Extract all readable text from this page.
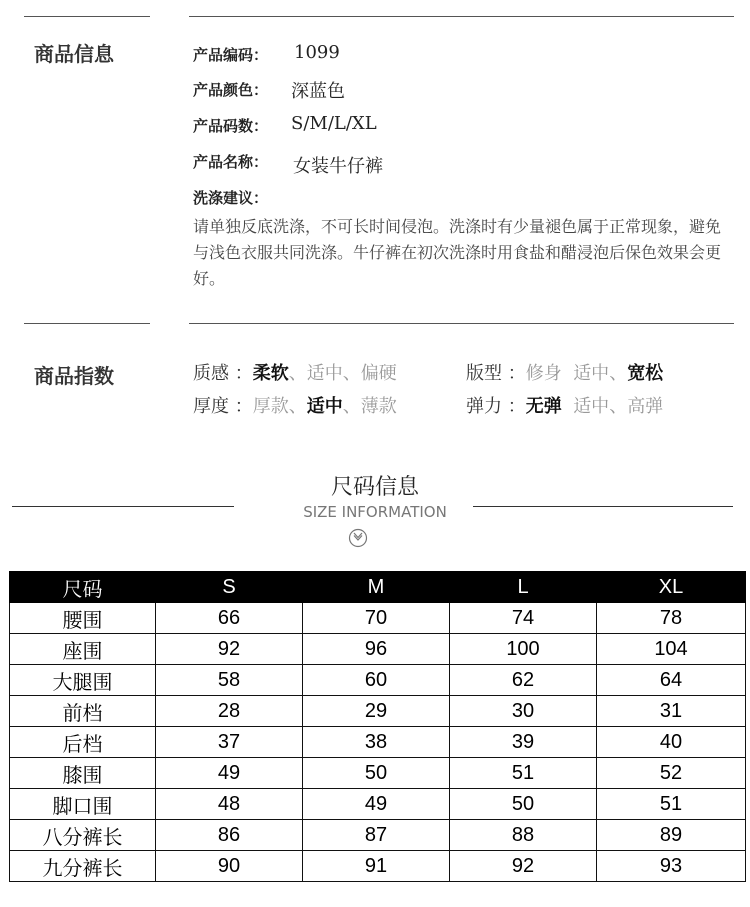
商品信息	产品编码： 1099
产品颜色： 深蓝色
产品码数： S/M/L/XL
产品名称： 女装牛仔裤
洗涤建议：
请单独反底洗涤，不可长时间侵泡。洗涤时有少量褪色属于正常现象，避免与浅色衣服共同洗涤。牛仔裤在初次洗涤时用食盐和醋浸泡后保色效果会更好。
商品指数	质感 ：柔软、适中、偏硬
厚度 ：厚款、适中、薄款
版型 ：修身 适中、宽松
弹力 ：无弹 适中、高弹
尺码信息
SIZE INFORMATION
尺码	S	M	L	XL
腰围	66	70	74	78
座围	92	96	100	104
大腿围	58	60	62	64
前档	28	29	30	31
后档	37	38	39	40
膝围	49	50	51	52
脚口围	48	49	50	51
八分裤长	86	87	88	89
九分裤长	90	91	92	93
